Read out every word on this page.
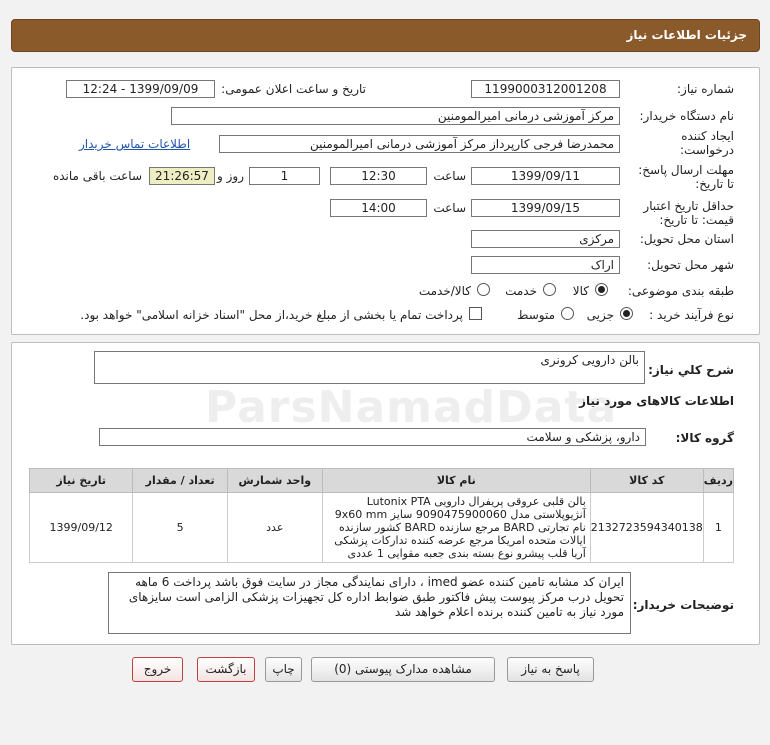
جزئیات اطلاعات نیاز
شماره نیاز:
1199000312001208
تاریخ و ساعت اعلان عمومی:
1399/09/09 - 12:24
نام دستگاه خریدار:
مرکز آموزشی درمانی امیرالمومنین
ایجاد کننده
درخواست:
محمدرضا فرجی کارپرداز مرکز آموزشی درمانی امیرالمومنین
اطلاعات تماس خریدار
مهلت ارسال پاسخ:
تا تاریخ:
1399/09/11
ساعت
12:30
1
روز و
21:26:57
ساعت باقی مانده
حداقل تاریخ اعتبار
قیمت: تا تاریخ:
1399/09/15
ساعت
14:00
استان محل تحویل:
مرکزی
شهر محل تحویل:
اراک
طبقه بندی موضوعی:
کالا
خدمت
کالا/خدمت
نوع فرآیند خرید :
جزیی
متوسط
پرداخت تمام یا بخشی از مبلغ خرید،از محل "اسناد خزانه اسلامی" خواهد بود.
شرح کلي نياز:
بالن دارویی کرونری
اطلاعات کالاهای مورد نیاز
گروه کالا:
دارو، پزشکی و سلامت
ردیف	کد کالا	نام کالا	واحد شمارش	تعداد / مقدار	تاریخ نیاز
1	2132723594340138	بالن قلبی عروقی پریفرال دارویی Lutonix PTA آنژیوپلاستی مدل 9090475900060 سایز 9x60 mm نام تجارتی BARD مرجع سازنده BARD کشور سازنده ایالات متحده امریکا مرجع عرضه کننده تدارکات پزشکی آریا قلب پیشرو نوع بسته بندی جعبه مقوایی 1 عددی	عدد	5	1399/09/12
توضیحات خریدار:
ایران کد مشابه تامین کننده عضو imed ، دارای نمایندگی مجاز در سایت فوق باشد پرداخت 6 ماهه تحویل درب مرکز پیوست پیش فاکتور طبق ضوابط اداره کل تجهیزات پزشکی الزامی است سایزهای مورد نیاز به تامین کننده برنده اعلام خواهد شد
پاسخ به نیاز
مشاهده مدارک پیوستی (0)
چاپ
بازگشت
خروج
